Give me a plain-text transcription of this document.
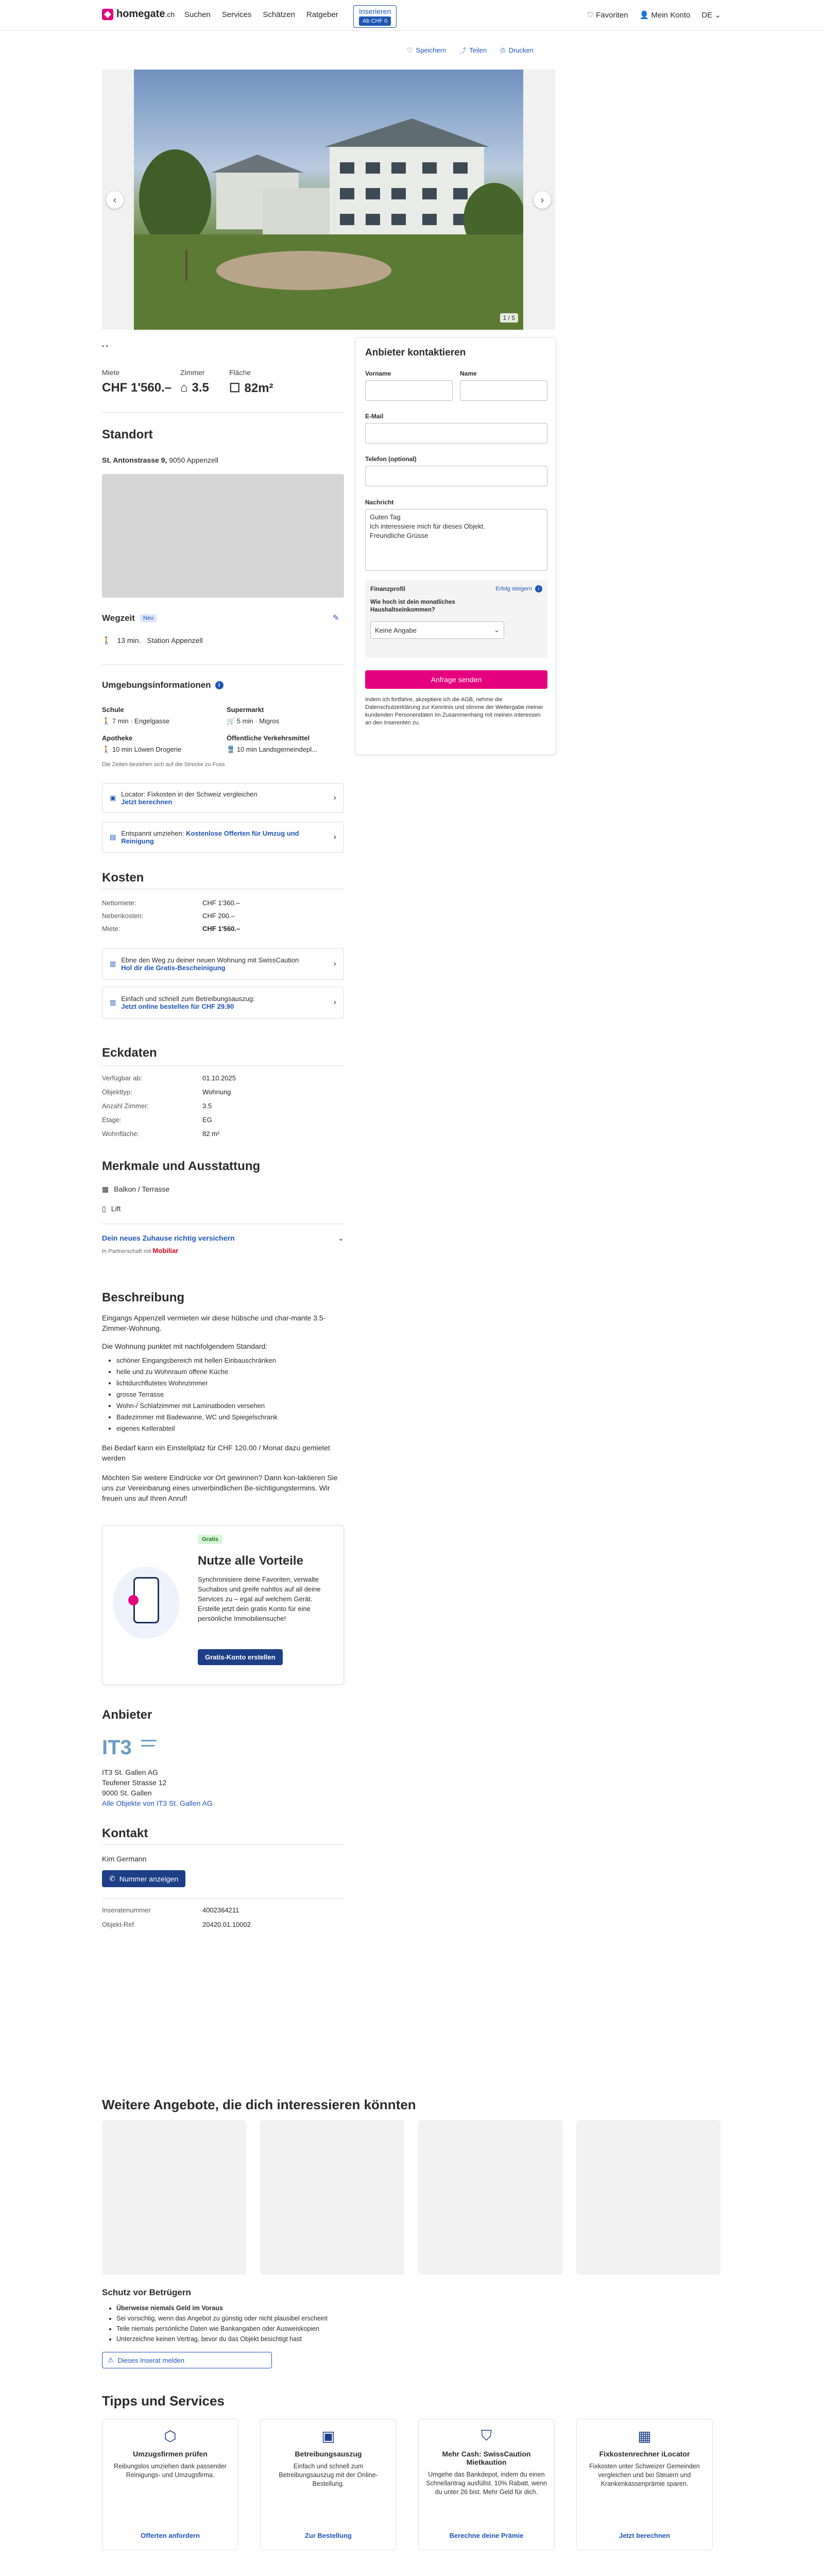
homegate.ch Suchen Services Schätzen Ratgeber	Inserieren
Ab CHF 0
♡ Favoriten 👤 Mein Konto DE ⌄
♡ Speichern ⤴ Teilen ⎙ Drucken
‹	›
1 / 5
• •
Miete
CHF 1'560.–
Zimmer
⌂ 3.5
Fläche
☐ 82m²
Standort
St. Antonstrasse 9, 9050 Appenzell
Wegzeit	Neu	✎
🚶 13 min. Station Appenzell
Umgebungsinformationen	i
Schule
🚶 7 min · Engelgasse
Supermarkt
🛒 5 min · Migros
Apotheke
🚶 10 min Löwen Drogerie
Öffentliche Verkehrsmittel
🚆 10 min Landsgemeindepl...
Die Zeiten beziehen sich auf die Strecke zu Fuss
▣ Locator: Fixkosten in der Schweiz vergleichen
Jetzt berechnen	›
▤ Entspannt umziehen: Kostenlose Offerten für Umzug und Reinigung	›
Kosten
Nettomiete:	CHF 1'360.–
Nebenkosten:	CHF 200.–
Miete:	CHF 1'560.–
▥ Ebne den Weg zu deiner neuen Wohnung mit SwissCaution
Hol dir die Gratis-Bescheinigung	›
▥ Einfach und schnell zum Betreibungsauszug:
Jetzt online bestellen für CHF 29.90	›
Eckdaten
Verfügbar ab:	01.10.2025
Objekttyp:	Wohnung
Anzahl Zimmer:	3.5
Etage:	EG
Wohnfläche:	82 m²
Merkmale und Ausstattung
▦ Balkon / Terrasse
▯ Lift
Dein neues Zuhause richtig versichern	⌄
In Partnerschaft mit Mobiliar
Beschreibung
Eingangs Appenzell vermieten wir diese hübsche und char-mante 3.5-Zimmer-Wohnung.
Die Wohnung punktet mit nachfolgendem Standard:
• schöner Eingangsbereich mit hellen Einbauschränken
• helle und zu Wohnraum offene Küche
• lichtdurchflutetes Wohnzimmer
• grosse Terrasse
• Wohn-/ Schlafzimmer mit Laminatboden versehen
• Badezimmer mit Badewanne, WC und Spiegelschrank
• eigenes Kellerabteil
Bei Bedarf kann ein Einstellplatz für CHF 120.00 / Monat dazu gemietet werden
Möchten Sie weitere Eindrücke vor Ort gewinnen? Dann kon-taktieren Sie uns zur Vereinbarung eines unverbindlichen Be-sichtigungstermins. Wir freuen uns auf Ihren Anruf!
Gratis
Nutze alle Vorteile
Synchronisiere deine Favoriten, verwalte Suchabos und greife nahtlos auf all deine Services zu – egal auf welchem Gerät. Erstelle jetzt dein gratis Konto für eine persönliche Immobiliensuche!
Gratis-Konto erstellen
Anbieter
IT3
IT3 St. Gallen AG
Teufener Strasse 12
9000 St. Gallen
Alle Objekte von IT3 St. Gallen AG
Kontakt
Kim Germann
✆ Nummer anzeigen
Inseratenummer	4002364211
Objekt-Ref.	20420.01.10002
Weitere Angebote, die dich interessieren könnten
Schutz vor Betrügern
• Überweise niemals Geld im Voraus
• Sei vorsichtig, wenn das Angebot zu günstig oder nicht plausibel erscheint
• Teile niemals persönliche Daten wie Bankangaben oder Ausweiskopien
• Unterzeichne keinen Vertrag, bevor du das Objekt besichtigt hast
⚠ Dieses Inserat melden
Tipps und Services
⬡
Umzugsfirmen prüfen
Reibungslos umziehen dank passender Reinigungs- und Umzugsfirma.
Offerten anfordern
▣
Betreibungsauszug
Einfach und schnell zum Betreibungsauszug mit der Online-Bestellung.
Zur Bestellung
⛉
Mehr Cash: SwissCaution Mietkaution
Umgehe das Bankdepot, indem du einen Schnellantrag ausfüllst. 10% Rabatt, wenn du unter 26 bist. Mehr Geld für dich.
Berechne deine Prämie
▦
Fixkostenrechner iLocator
Fixkosten unter Schweizer Gemeinden vergleichen und bei Steuern und Krankenkassenprämie sparen.
Jetzt berechnen
Anbieter kontaktieren
Vorname	Name
E-Mail
Telefon (optional)
Nachricht
Guten Tag
Ich interessiere mich für dieses Objekt.
Freundliche Grüsse
Finanzprofil	Erfolg steigern	i
Wie hoch ist dein monatliches Haushaltseinkommen?
Keine Angabe	⌄
Anfrage senden
Indem ich fortfahre, akzeptiere ich die AGB, nehme die Datenschutzerklärung zur Kenntnis und stimme der Weitergabe meiner kundenden Personendaten im Zusammenhang mit meinen Interessen an den Inserenten zu.
